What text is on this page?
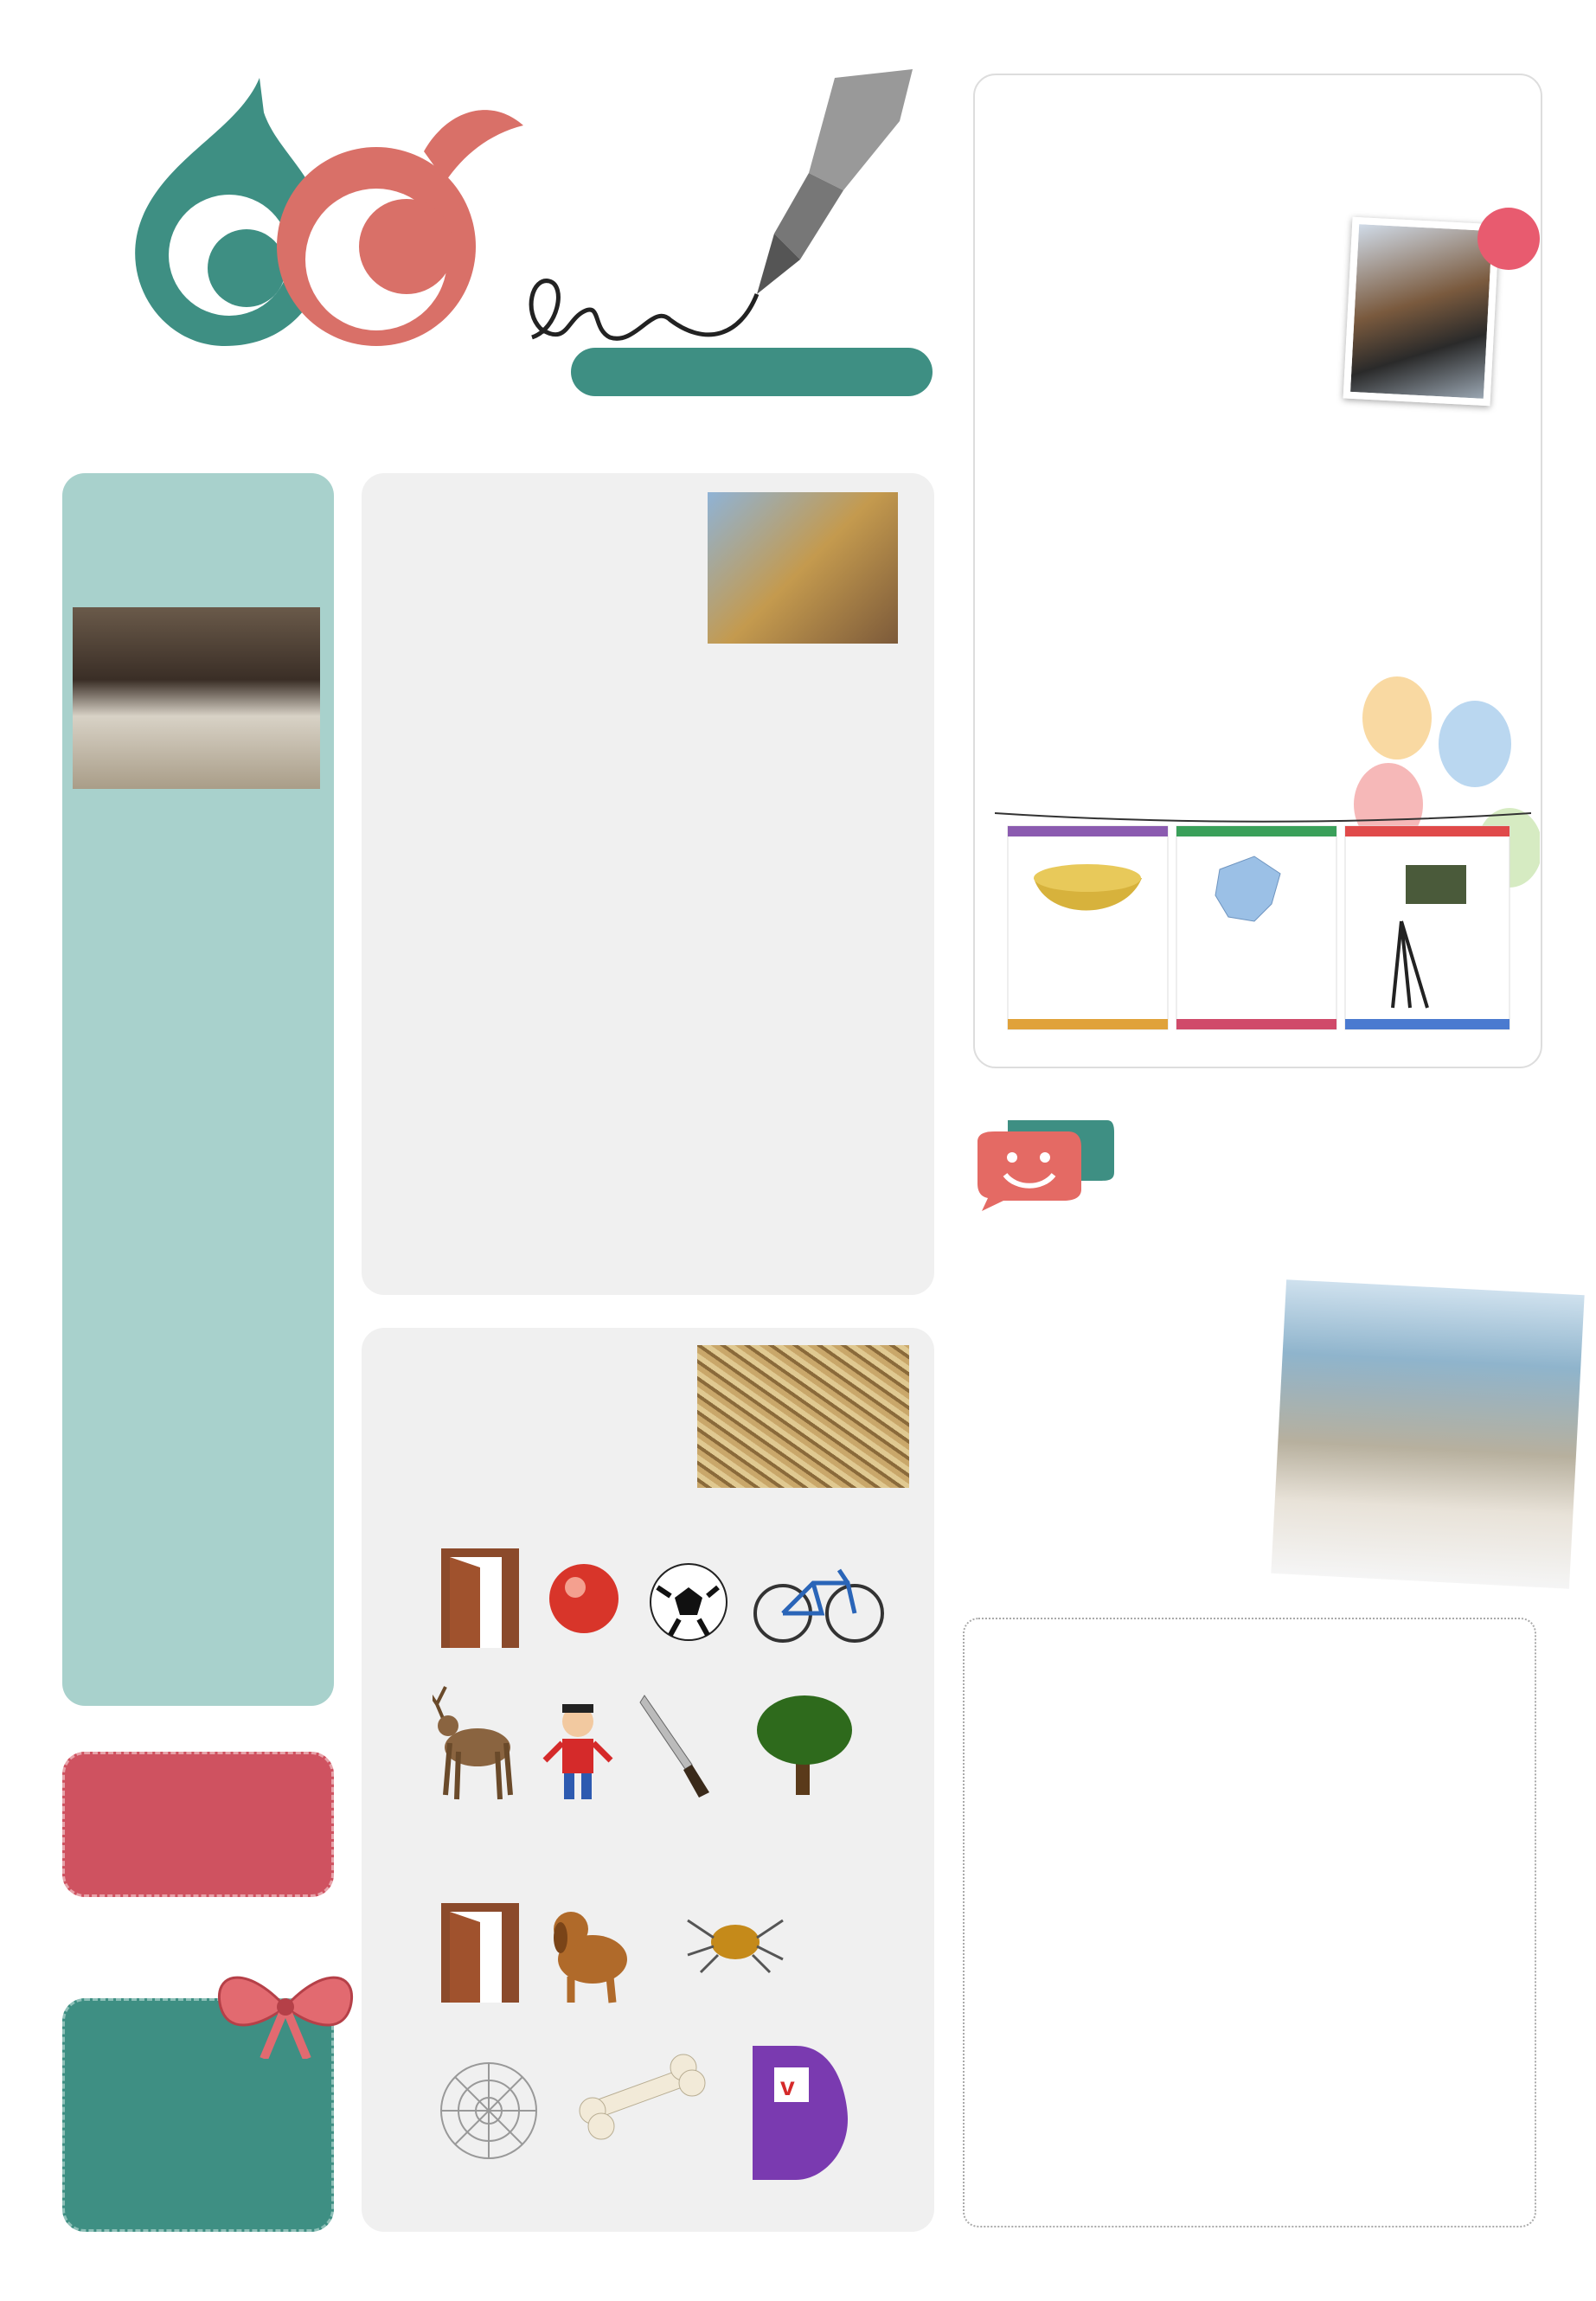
v
